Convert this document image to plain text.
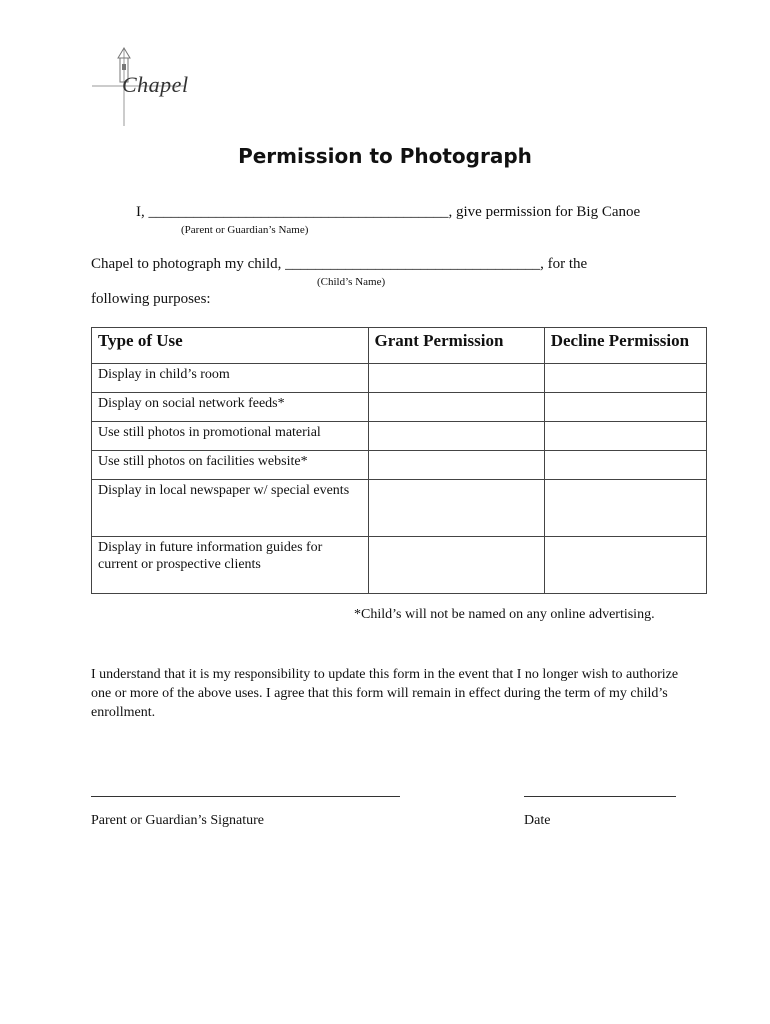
Chapel
Permission to Photograph
I, ________________________________________, give permission for Big Canoe
(Parent or Guardian’s Name)
Chapel to photograph my child, __________________________________, for the
(Child’s Name)
following purposes:
Type of Use	Grant Permission	Decline Permission
Display in child’s room		
Display on social network feeds*		
Use still photos in promotional material		
Use still photos on facilities website*		
Display in local newspaper w/ special events		
Display in future information guides for current or prospective clients		
*Child’s will not be named on any online advertising.
I understand that it is my responsibility to update this form in the event that I no longer wish to authorize one or more of the above uses. I agree that this form will remain in effect during the term of my child’s enrollment.
Parent or Guardian’s Signature	Date
